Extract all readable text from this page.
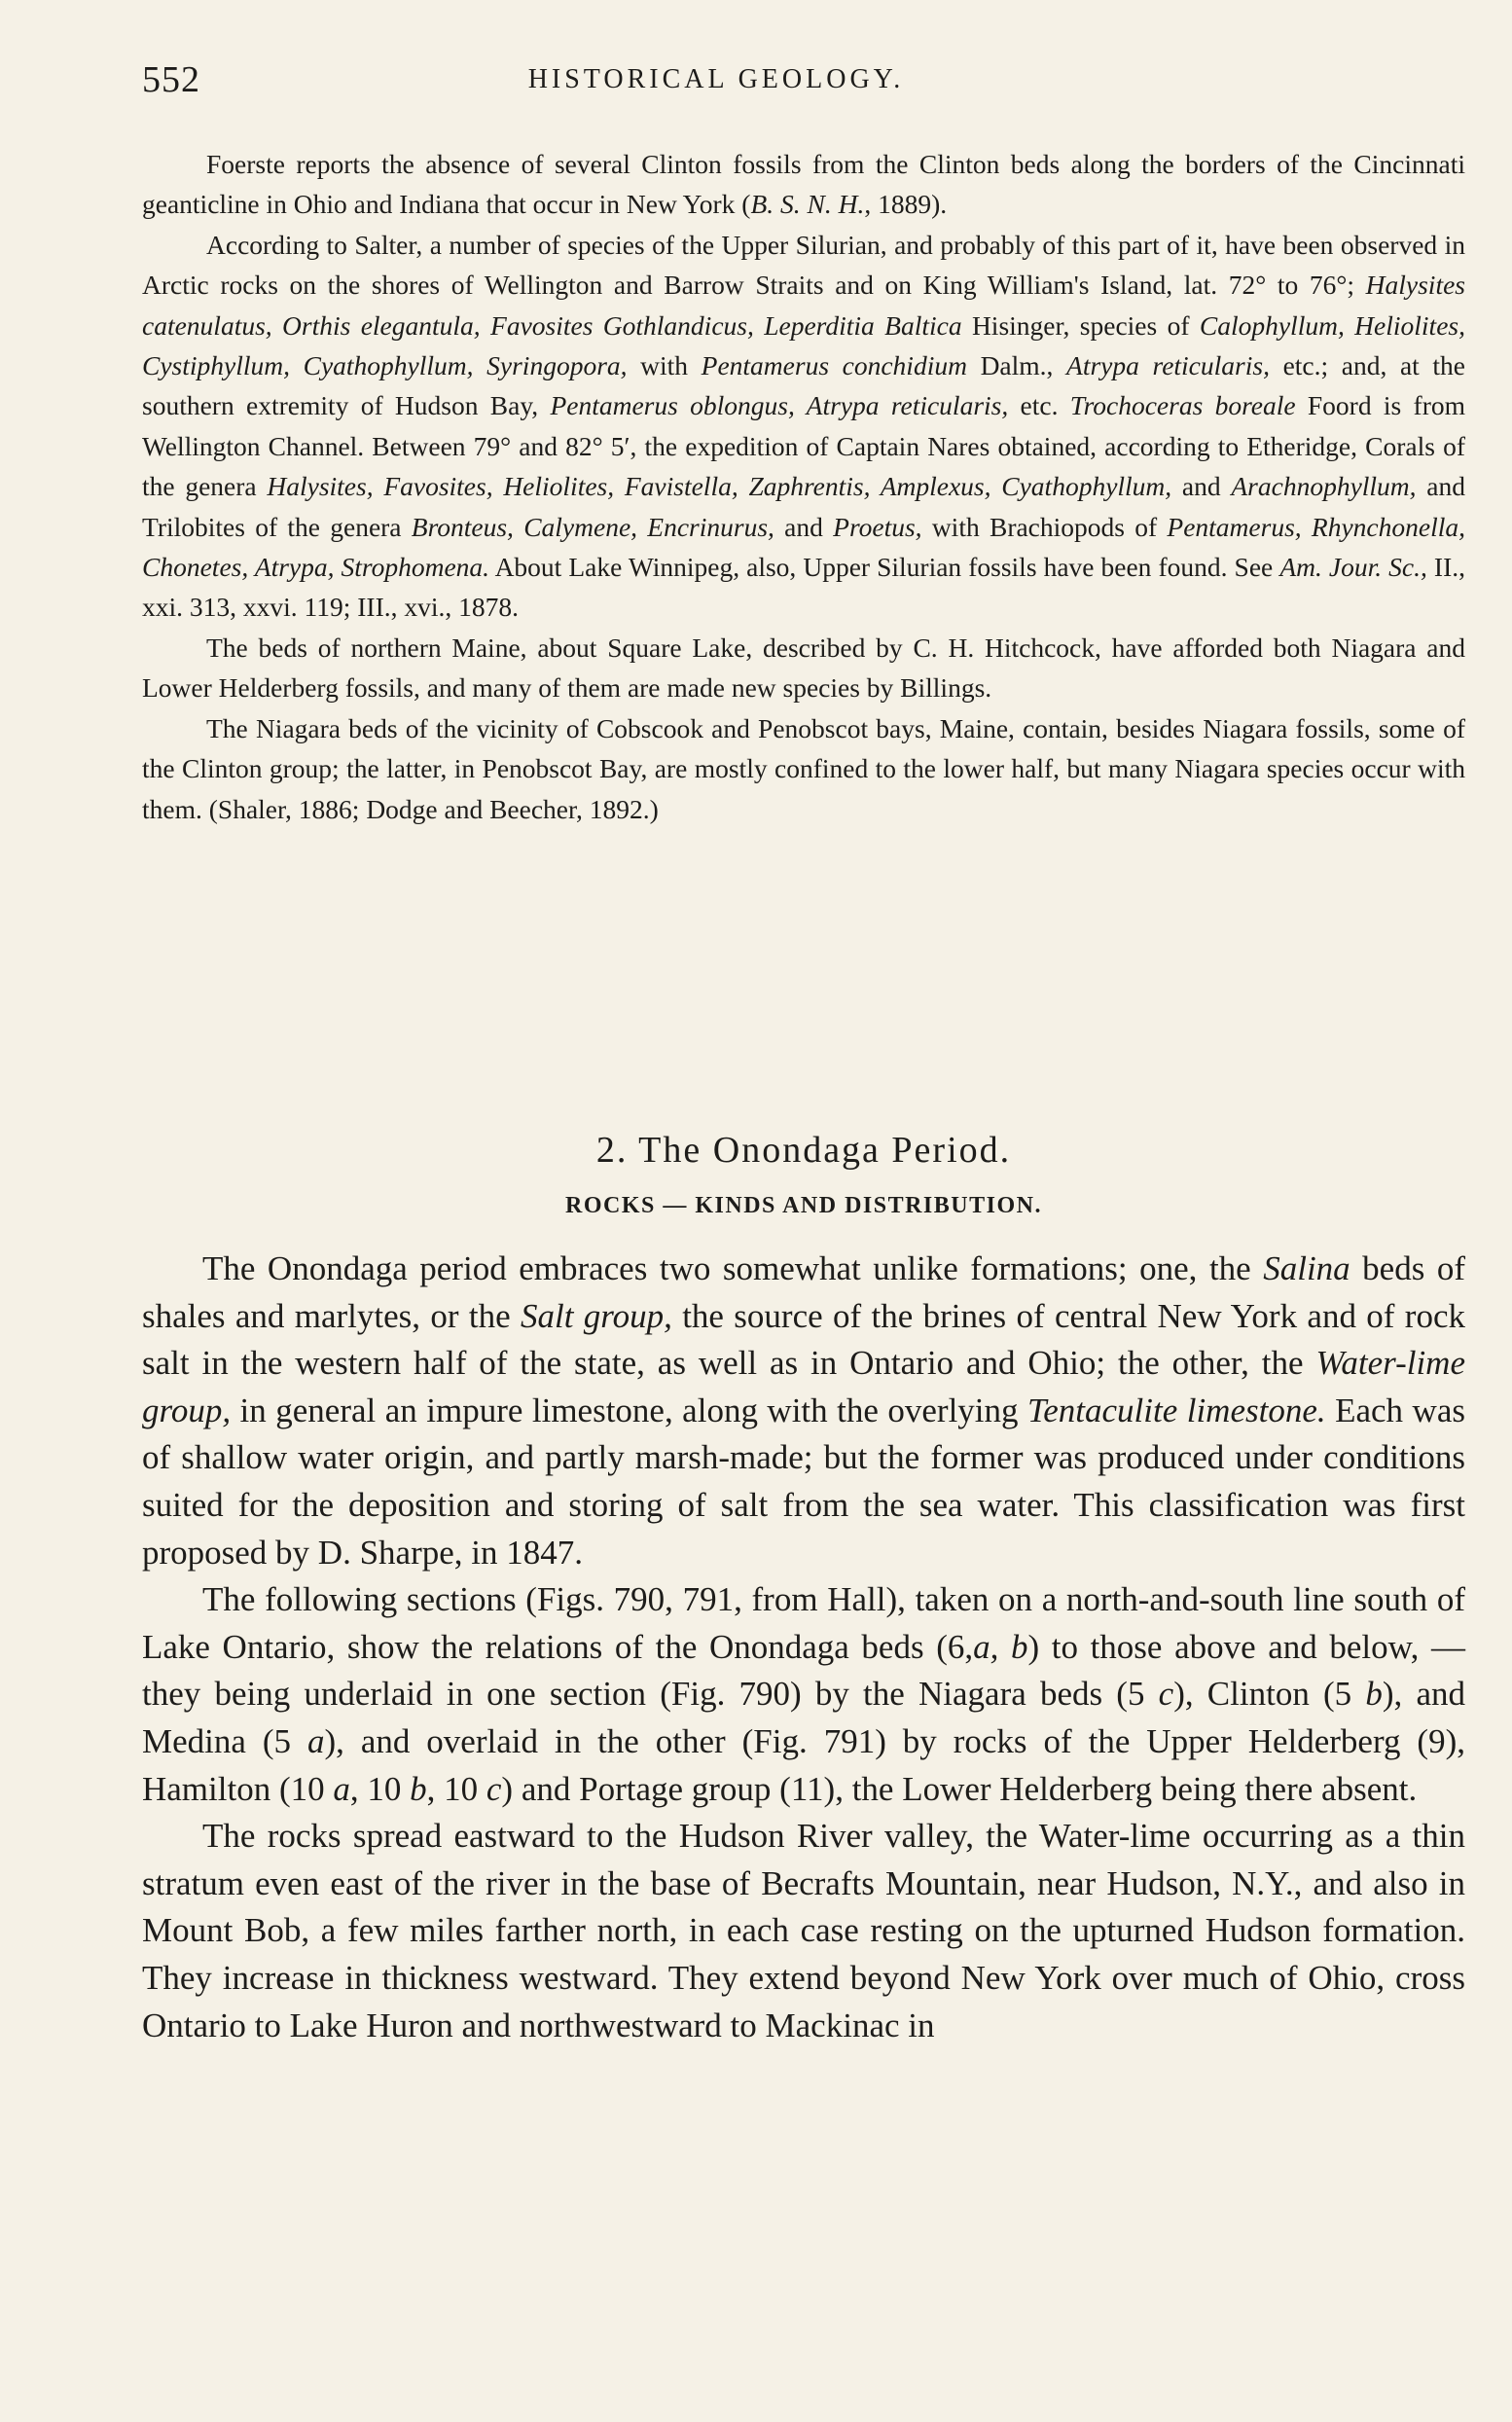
552	HISTORICAL GEOLOGY.

Foerste reports the absence of several Clinton fossils from the Clinton beds along the borders of the Cincinnati geanticline in Ohio and Indiana that occur in New York (B. S. N. H., 1889).

According to Salter, a number of species of the Upper Silurian, and probably of this part of it, have been observed in Arctic rocks on the shores of Wellington and Barrow Straits and on King William's Island, lat. 72° to 76°; Halysites catenulatus, Orthis elegantula, Favosites Gothlandicus, Leperditia Baltica Hisinger, species of Calophyllum, Heliolites, Cystiphyllum, Cyathophyllum, Syringopora, with Pentamerus conchidium Dalm., Atrypa reticularis, etc.; and, at the southern extremity of Hudson Bay, Pentamerus oblongus, Atrypa reticularis, etc. Trochoceras boreale Foord is from Wellington Channel. Between 79° and 82° 5′, the expedition of Captain Nares obtained, according to Etheridge, Corals of the genera Halysites, Favosites, Heliolites, Favistella, Zaphrentis, Amplexus, Cyathophyllum, and Arachnophyllum, and Trilobites of the genera Bronteus, Calymene, Encrinurus, and Proetus, with Brachiopods of Pentamerus, Rhynchonella, Chonetes, Atrypa, Strophomena. About Lake Winnipeg, also, Upper Silurian fossils have been found. See Am. Jour. Sc., II., xxi. 313, xxvi. 119; III., xvi., 1878.

The beds of northern Maine, about Square Lake, described by C. H. Hitchcock, have afforded both Niagara and Lower Helderberg fossils, and many of them are made new species by Billings.

The Niagara beds of the vicinity of Cobscook and Penobscot bays, Maine, contain, besides Niagara fossils, some of the Clinton group; the latter, in Penobscot Bay, are mostly confined to the lower half, but many Niagara species occur with them. (Shaler, 1886; Dodge and Beecher, 1892.)

2. The Onondaga Period.
ROCKS — KINDS AND DISTRIBUTION.

The Onondaga period embraces two somewhat unlike formations; one, the Salina beds of shales and marlytes, or the Salt group, the source of the brines of central New York and of rock salt in the western half of the state, as well as in Ontario and Ohio; the other, the Water-lime group, in general an impure limestone, along with the overlying Tentaculite limestone. Each was of shallow water origin, and partly marsh-made; but the former was produced under conditions suited for the deposition and storing of salt from the sea water. This classification was first proposed by D. Sharpe, in 1847.

The following sections (Figs. 790, 791, from Hall), taken on a north-and-south line south of Lake Ontario, show the relations of the Onondaga beds (6,a, b) to those above and below, — they being underlaid in one section (Fig. 790) by the Niagara beds (5 c), Clinton (5 b), and Medina (5 a), and overlaid in the other (Fig. 791) by rocks of the Upper Helderberg (9), Hamilton (10 a, 10 b, 10 c) and Portage group (11), the Lower Helderberg being there absent.

The rocks spread eastward to the Hudson River valley, the Water-lime occurring as a thin stratum even east of the river in the base of Becrafts Mountain, near Hudson, N.Y., and also in Mount Bob, a few miles farther north, in each case resting on the upturned Hudson formation. They increase in thickness westward. They extend beyond New York over much of Ohio, cross Ontario to Lake Huron and northwestward to Mackinac in
